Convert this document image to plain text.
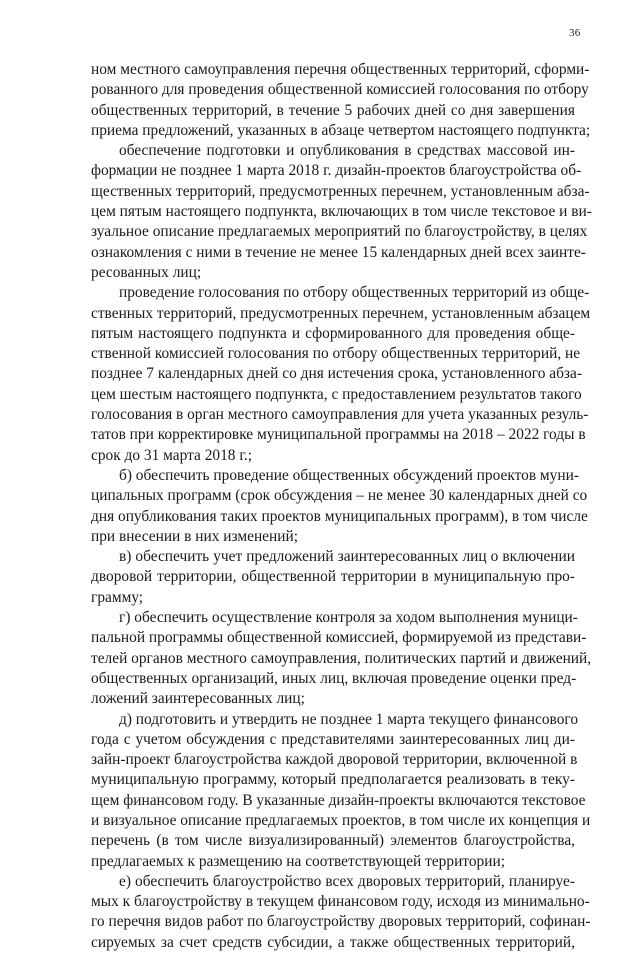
36
ном местного самоуправления перечня общественных территорий, сформи-
рованного для проведения общественной комиссией голосования по отбору
общественных территорий, в течение 5 рабочих дней со дня завершения
приема предложений, указанных в абзаце четвертом настоящего подпункта;
обеспечение подготовки и опубликования в средствах массовой ин-
формации не позднее 1 марта 2018 г. дизайн-проектов благоустройства об-
щественных территорий, предусмотренных перечнем, установленным абза-
цем пятым настоящего подпункта, включающих в том числе текстовое и ви-
зуальное описание предлагаемых мероприятий по благоустройству, в целях
ознакомления с ними в течение не менее 15 календарных дней всех заинте-
ресованных лиц;
проведение голосования по отбору общественных территорий из обще-
ственных территорий, предусмотренных перечнем, установленным абзацем
пятым настоящего подпункта и сформированного для проведения обще-
ственной комиссией голосования по отбору общественных территорий, не
позднее 7 календарных дней со дня истечения срока, установленного абза-
цем шестым настоящего подпункта, с предоставлением результатов такого
голосования в орган местного самоуправления для учета указанных резуль-
татов при корректировке муниципальной программы на 2018 – 2022 годы в
срок до 31 марта 2018 г.;
б) обеспечить проведение общественных обсуждений проектов муни-
ципальных программ (срок обсуждения – не менее 30 календарных дней со
дня опубликования таких проектов муниципальных программ), в том числе
при внесении в них изменений;
в) обеспечить учет предложений заинтересованных лиц о включении
дворовой территории, общественной территории в муниципальную про-
грамму;
г) обеспечить осуществление контроля за ходом выполнения муници-
пальной программы общественной комиссией, формируемой из представи-
телей органов местного самоуправления, политических партий и движений,
общественных организаций, иных лиц, включая проведение оценки пред-
ложений заинтересованных лиц;
д) подготовить и утвердить не позднее 1 марта текущего финансового
года с учетом обсуждения с представителями заинтересованных лиц ди-
зайн-проект благоустройства каждой дворовой территории, включенной в
муниципальную программу, который предполагается реализовать в теку-
щем финансовом году. В указанные дизайн-проекты включаются текстовое
и визуальное описание предлагаемых проектов, в том числе их концепция и
перечень (в том числе визуализированный) элементов благоустройства,
предлагаемых к размещению на соответствующей территории;
е) обеспечить благоустройство всех дворовых территорий, планируе-
мых к благоустройству в текущем финансовом году, исходя из минимально-
го перечня видов работ по благоустройству дворовых территорий, софинан-
сируемых за счет средств субсидии, а также общественных территорий,
